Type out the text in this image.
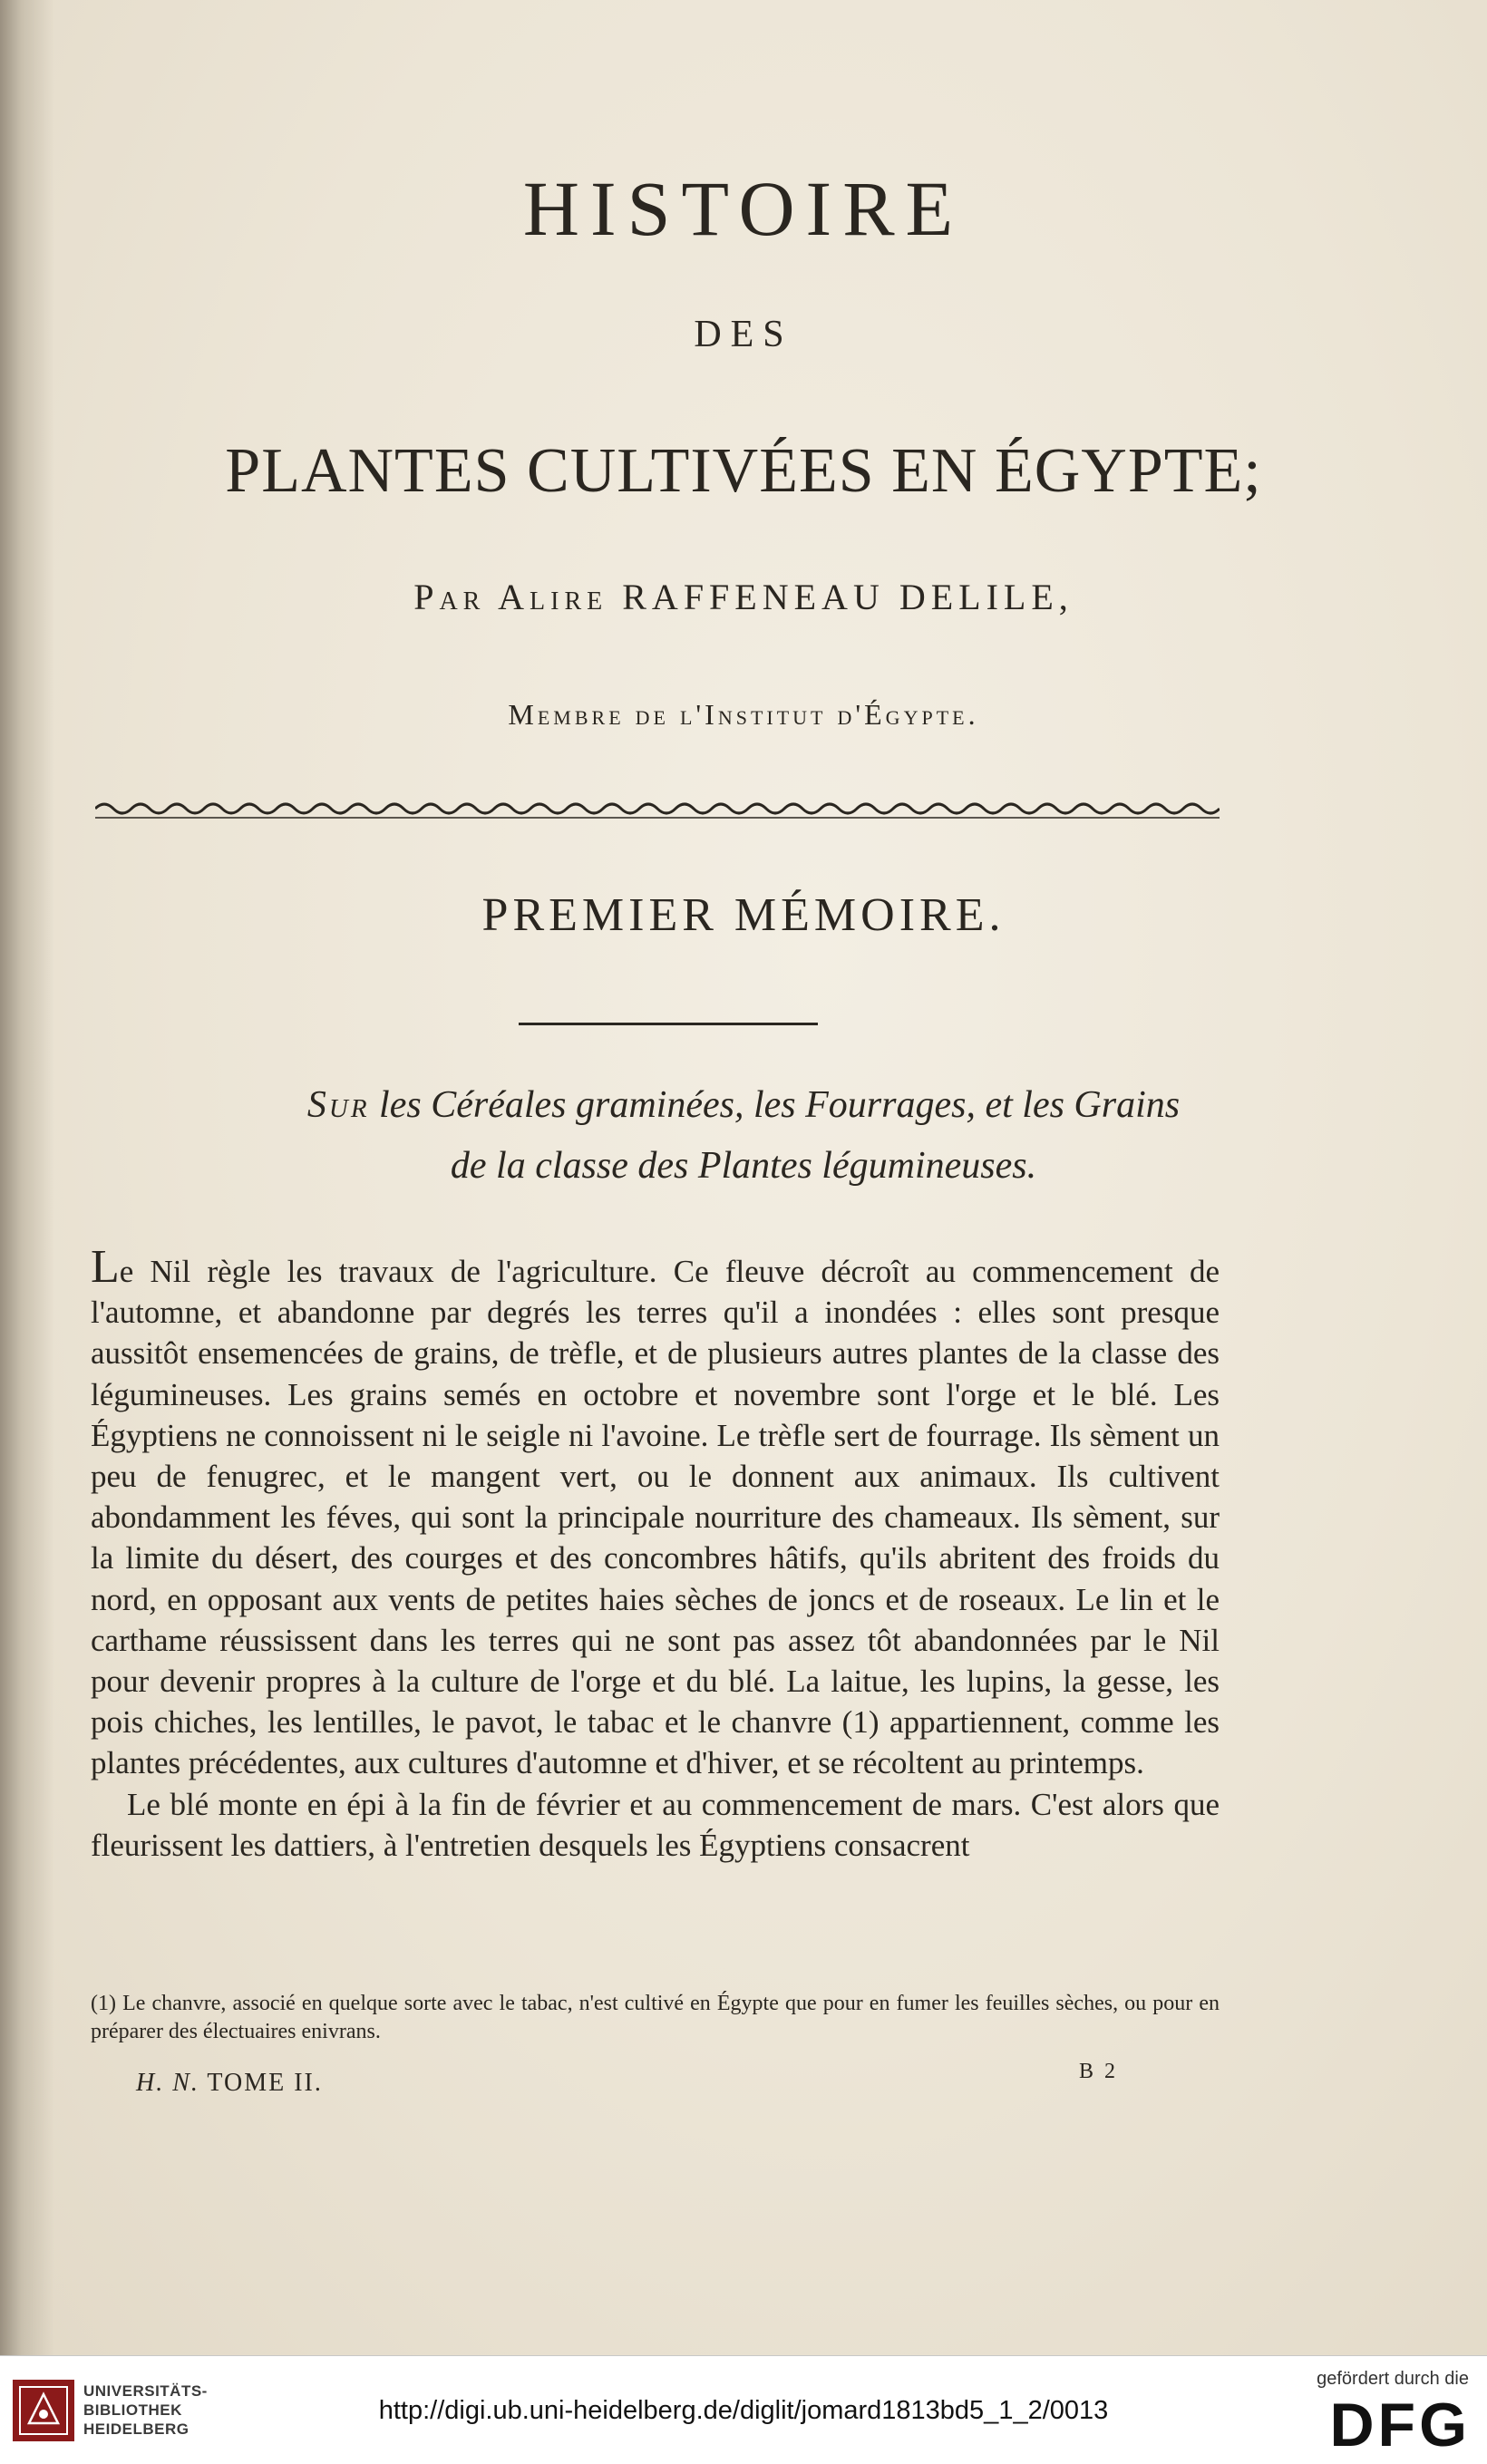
HISTOIRE
DES
PLANTES CULTIVÉES EN ÉGYPTE;
Par Alire RAFFENEAU DELILE,
Membre de l'Institut d'Égypte.
PREMIER MÉMOIRE.
Sur les Céréales graminées, les Fourrages, et les Grains
de la classe des Plantes légumineuses.

Le Nil règle les travaux de l'agriculture. Ce fleuve décroît au commencement de l'automne, et abandonne par degrés les terres qu'il a inondées : elles sont presque aussitôt ensemencées de grains, de trèfle, et de plusieurs autres plantes de la classe des légumineuses. Les grains semés en octobre et novembre sont l'orge et le blé. Les Égyptiens ne connoissent ni le seigle ni l'avoine. Le trèfle sert de fourrage. Ils sèment un peu de fenugrec, et le mangent vert, ou le donnent aux animaux. Ils cultivent abondamment les féves, qui sont la principale nourriture des chameaux. Ils sèment, sur la limite du désert, des courges et des concombres hâtifs, qu'ils abritent des froids du nord, en opposant aux vents de petites haies sèches de joncs et de roseaux. Le lin et le carthame réussissent dans les terres qui ne sont pas assez tôt abandonnées par le Nil pour devenir propres à la culture de l'orge et du blé. La laitue, les lupins, la gesse, les pois chiches, les lentilles, le pavot, le tabac et le chanvre (1) appartiennent, comme les plantes précédentes, aux cultures d'automne et d'hiver, et se récoltent au printemps.

Le blé monte en épi à la fin de février et au commencement de mars. C'est alors que fleurissent les dattiers, à l'entretien desquels les Égyptiens consacrent

(1) Le chanvre, associé en quelque sorte avec le tabac, n'est cultivé en Égypte que pour en fumer les feuilles sèches, ou pour en préparer des électuaires enivrans.
H. N. TOME II.	B 2
UNIVERSITÄTS-
BIBLIOTHEK
HEIDELBERG
http://digi.ub.uni-heidelberg.de/diglit/jomard1813bd5_1_2/0013
gefördert durch die
DFG
